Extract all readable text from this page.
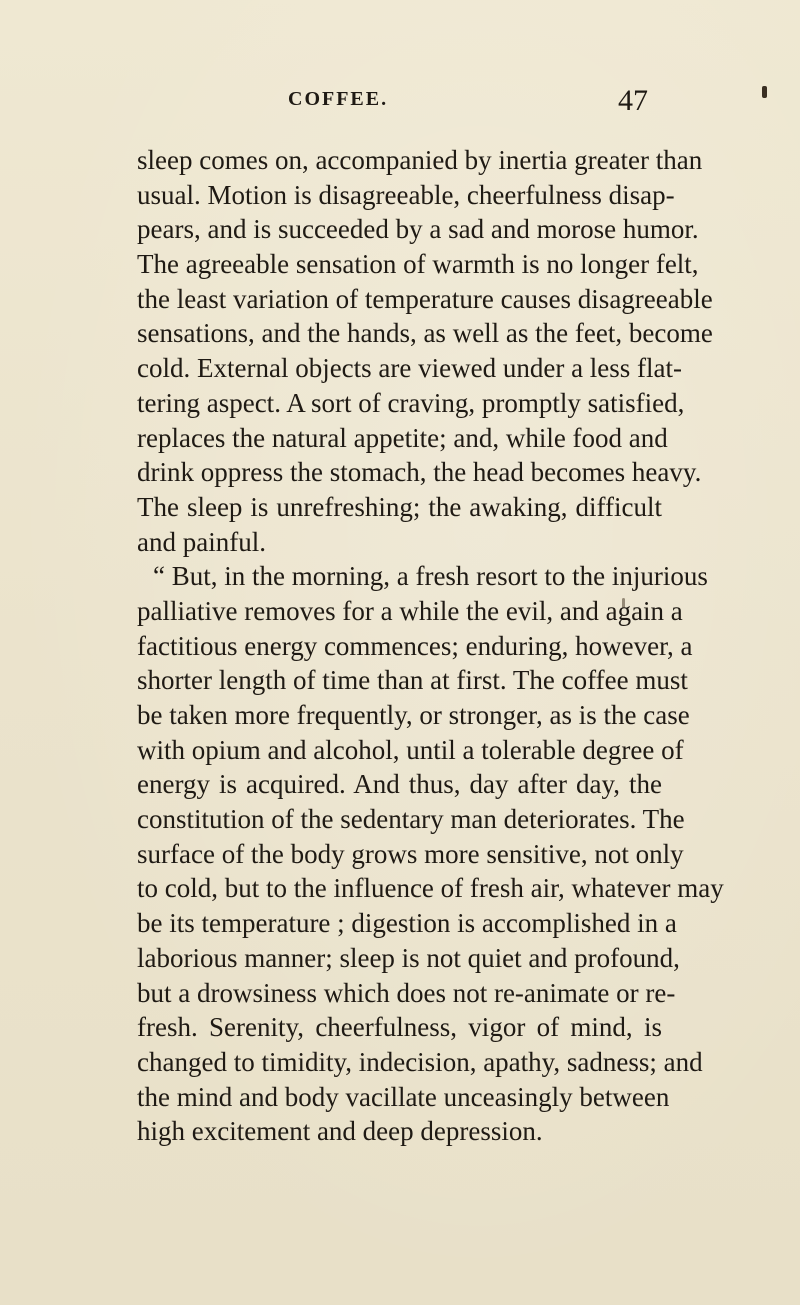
COFFEE.	47
sleep comes on, accompanied by inertia greater than
usual. Motion is disagreeable, cheerfulness disap-
pears, and is succeeded by a sad and morose humor.
The agreeable sensation of warmth is no longer felt,
the least variation of temperature causes disagreeable
sensations, and the hands, as well as the feet, become
cold. External objects are viewed under a less flat-
tering aspect. A sort of craving, promptly satisfied,
replaces the natural appetite; and, while food and
drink oppress the stomach, the head becomes heavy.
The sleep is unrefreshing; the awaking, difficult
and painful.
“ But, in the morning, a fresh resort to the injurious
palliative removes for a while the evil, and again a
factitious energy commences; enduring, however, a
shorter length of time than at first. The coffee must
be taken more frequently, or stronger, as is the case
with opium and alcohol, until a tolerable degree of
energy is acquired. And thus, day after day, the
constitution of the sedentary man deteriorates. The
surface of the body grows more sensitive, not only
to cold, but to the influence of fresh air, whatever may
be its temperature ; digestion is accomplished in a
laborious manner; sleep is not quiet and profound,
but a drowsiness which does not re-animate or re-
fresh. Serenity, cheerfulness, vigor of mind, is
changed to timidity, indecision, apathy, sadness; and
the mind and body vacillate unceasingly between
high excitement and deep depression.
